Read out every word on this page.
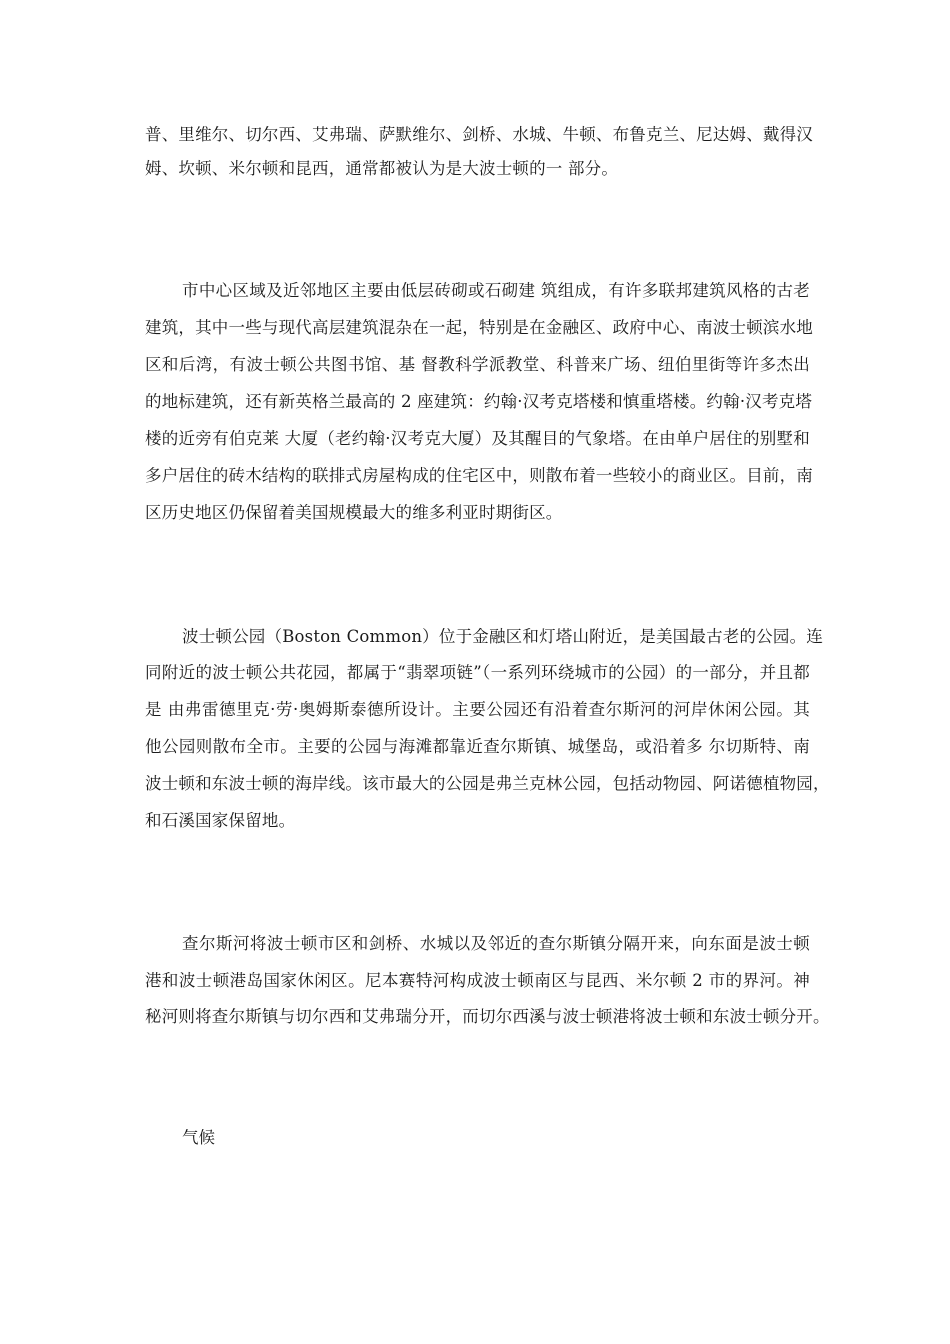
普、里维尔、切尔西、艾弗瑞、萨默维尔、剑桥、水城、牛顿、布鲁克兰、尼达姆、戴得汉
姆、坎顿、米尔顿和昆西，通常都被认为是大波士顿的一 部分。
市中心区域及近邻地区主要由低层砖砌或石砌建 筑组成，有许多联邦建筑风格的古老
建筑，其中一些与现代高层建筑混杂在一起，特别是在金融区、政府中心、南波士顿滨水地
区和后湾，有波士顿公共图书馆、基 督教科学派教堂、科普来广场、纽伯里街等许多杰出
的地标建筑，还有新英格兰最高的 2 座建筑：约翰·汉考克塔楼和慎重塔楼。约翰·汉考克塔
楼的近旁有伯克莱 大厦（老约翰·汉考克大厦）及其醒目的气象塔。在由单户居住的别墅和
多户居住的砖木结构的联排式房屋构成的住宅区中，则散布着一些较小的商业区。目前，南
区历史地区仍保留着美国规模最大的维多利亚时期街区。
波士顿公园（Boston Common）位于金融区和灯塔山附近，是美国最古老的公园。连
同附近的波士顿公共花园，都属于“翡翠项链”（一系列环绕城市的公园）的一部分，并且都
是 由弗雷德里克·劳·奥姆斯泰德所设计。主要公园还有沿着查尔斯河的河岸休闲公园。其
他公园则散布全市。主要的公园与海滩都靠近查尔斯镇、城堡岛，或沿着多 尔切斯特、南
波士顿和东波士顿的海岸线。该市最大的公园是弗兰克林公园，包括动物园、阿诺德植物园，
和石溪国家保留地。
查尔斯河将波士顿市区和剑桥、水城以及邻近的查尔斯镇分隔开来，向东面是波士顿
港和波士顿港岛国家休闲区。尼本赛特河构成波士顿南区与昆西、米尔顿 2 市的界河。神
秘河则将查尔斯镇与切尔西和艾弗瑞分开，而切尔西溪与波士顿港将波士顿和东波士顿分开。
气候
